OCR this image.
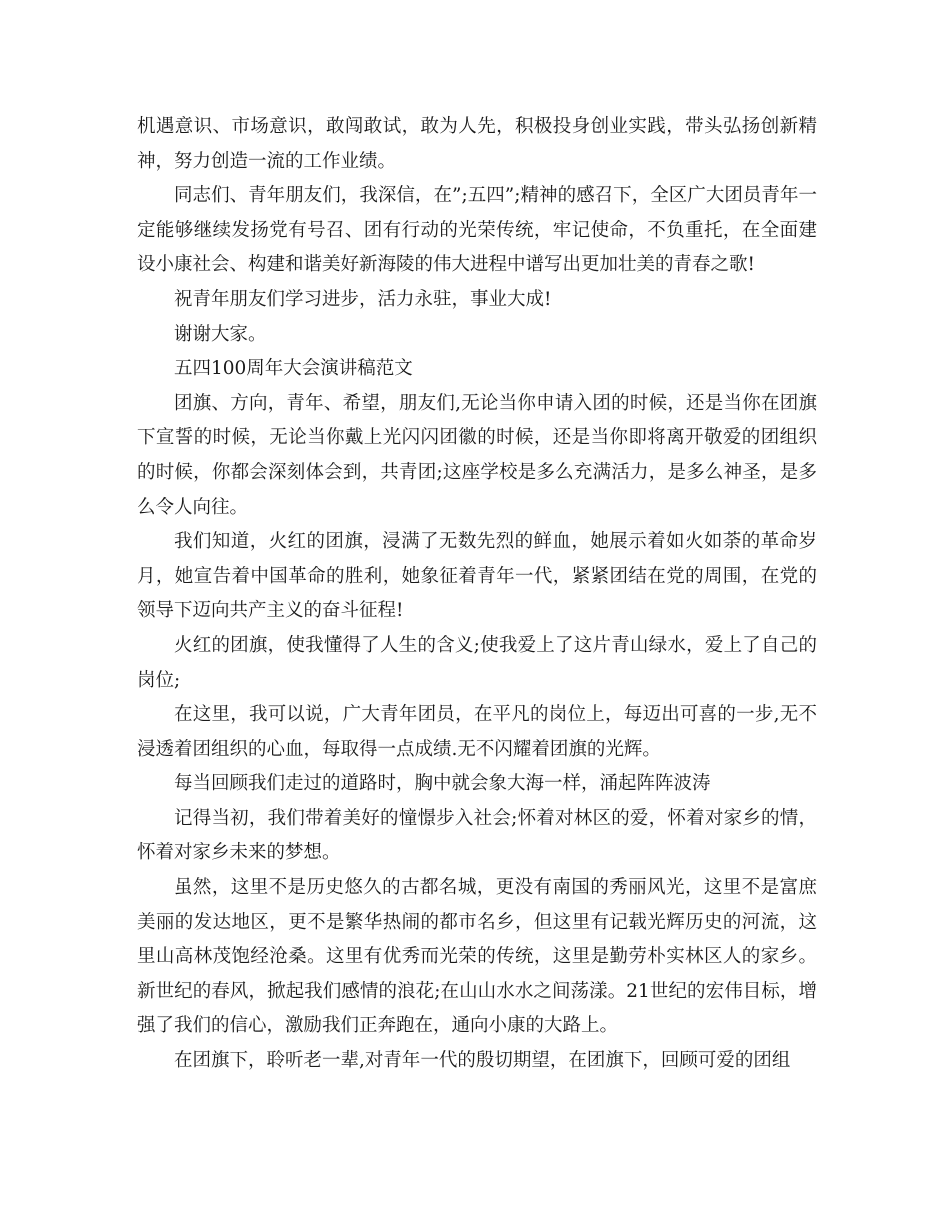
机遇意识、市场意识，敢闯敢试，敢为人先，积极投身创业实践，带头弘扬创新精神，努力创造一流的工作业绩。

同志们、青年朋友们，我深信，在”;五四”;精神的感召下，全区广大团员青年一定能够继续发扬党有号召、团有行动的光荣传统，牢记使命，不负重托，在全面建设小康社会、构建和谐美好新海陵的伟大进程中谱写出更加壮美的青春之歌!

祝青年朋友们学习进步，活力永驻，事业大成!

谢谢大家。

五四100周年大会演讲稿范文

团旗、方向，青年、希望，朋友们,无论当你申请入团的时候，还是当你在团旗下宣誓的时候，无论当你戴上光闪闪团徽的时候，还是当你即将离开敬爱的团组织的时候，你都会深刻体会到，共青团;这座学校是多么充满活力，是多么神圣，是多么令人向往。

我们知道，火红的团旗，浸满了无数先烈的鲜血，她展示着如火如荼的革命岁月，她宣告着中国革命的胜利，她象征着青年一代，紧紧团结在党的周围，在党的领导下迈向共产主义的奋斗征程!

火红的团旗，使我懂得了人生的含义;使我爱上了这片青山绿水，爱上了自己的岗位;

在这里，我可以说，广大青年团员，在平凡的岗位上，每迈出可喜的一步,无不浸透着团组织的心血，每取得一点成绩.无不闪耀着团旗的光辉。

每当回顾我们走过的道路时，胸中就会象大海一样，涌起阵阵波涛

记得当初，我们带着美好的憧憬步入社会;怀着对林区的爱，怀着对家乡的情，怀着对家乡未来的梦想。

虽然，这里不是历史悠久的古都名城，更没有南国的秀丽风光，这里不是富庶美丽的发达地区，更不是繁华热闹的都市名乡，但这里有记载光辉历史的河流，这里山高林茂饱经沧桑。这里有优秀而光荣的传统，这里是勤劳朴实林区人的家乡。新世纪的春风，掀起我们感情的浪花;在山山水水之间荡漾。21世纪的宏伟目标，增强了我们的信心，激励我们正奔跑在，通向小康的大路上。

在团旗下，聆听老一辈,对青年一代的殷切期望，在团旗下，回顾可爱的团组
